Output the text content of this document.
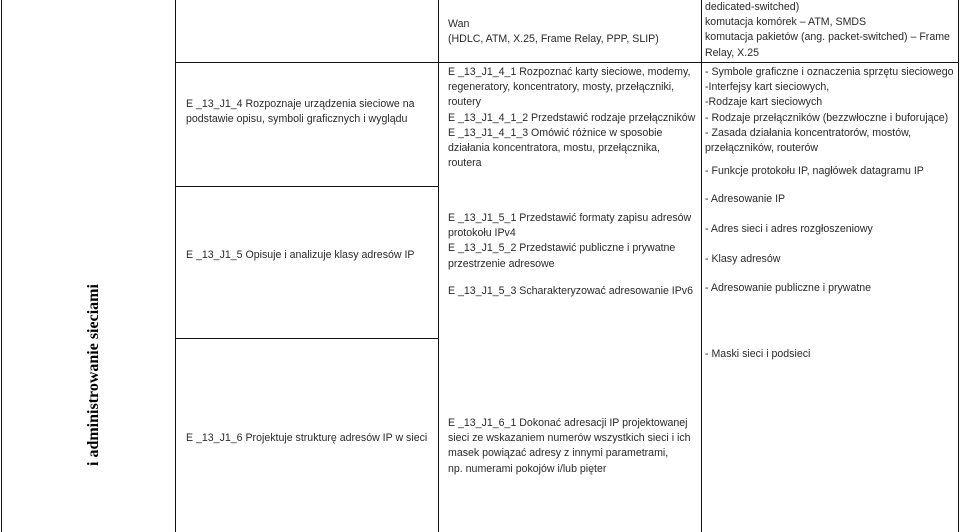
i administrowanie sieciami
E _13_J1_4 Rozpoznaje urządzenia sieciowe na podstawie opisu, symboli graficznych i wyglądu
E _13_J1_5 Opisuje i analizuje klasy adresów IP
E _13_J1_6 Projektuje strukturę adresów IP w sieci
Wan
(HDLC, ATM, X.25, Frame Relay, PPP, SLIP)
E _13_J1_4_1 Rozpoznać karty sieciowe, modemy,
regeneratory, koncentratory, mosty, przełączniki,
routery
E _13_J1_4_1_2 Przedstawić rodzaje przełączników
E _13_J1_4_1_3 Omówić różnice w sposobie
działania koncentratora, mostu, przełącznika,
routera
E _13_J1_5_1 Przedstawić formaty zapisu adresów
protokołu IPv4
E _13_J1_5_2 Przedstawić publiczne i prywatne
przestrzenie adresowe
E _13_J1_5_3 Scharakteryzować adresowanie IPv6
E _13_J1_6_1 Dokonać adresacji IP projektowanej
sieci ze wskazaniem numerów wszystkich sieci i ich
masek powiązać adresy z innymi parametrami,
np. numerami pokojów i/lub pięter
dedicated-switched)
komutacja komórek – ATM, SMDS
komutacja pakietów (ang. packet-switched) – Frame
Relay, X.25
- Symbole graficzne i oznaczenia sprzętu sieciowego
-Interfejsy kart sieciowych,
-Rodzaje kart sieciowych
- Rodzaje przełączników (bezzwłoczne i buforujące)
- Zasada działania koncentratorów, mostów,
przełączników, routerów
- Funkcje protokołu IP, nagłówek datagramu IP
- Adresowanie IP
- Adres sieci i adres rozgłoszeniowy
- Klasy adresów
- Adresowanie publiczne i prywatne
- Maski sieci i podsieci
